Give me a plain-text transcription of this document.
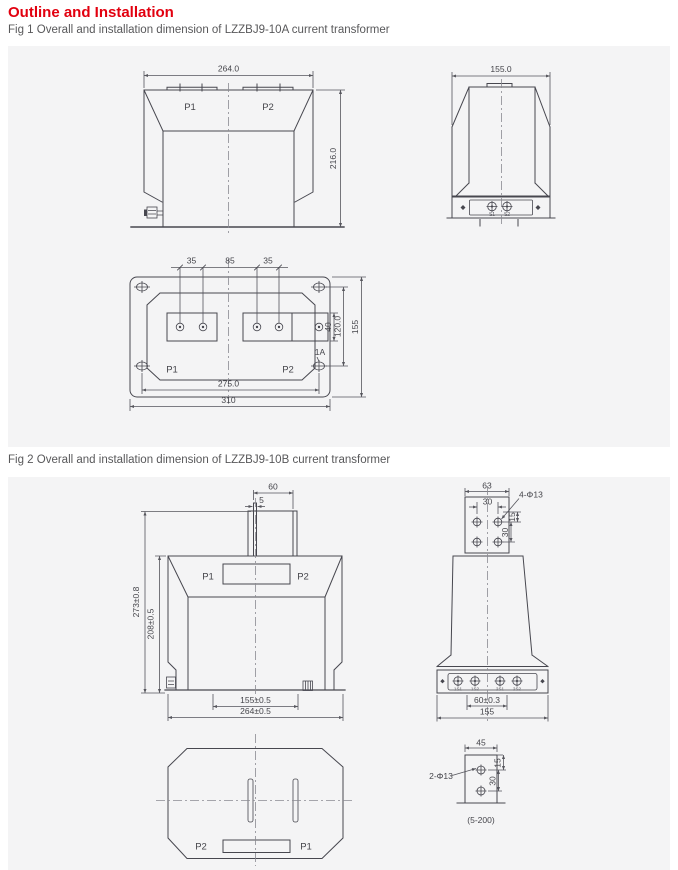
Outline and Installation
Fig 1 Overall and installation dimension of LZZBJ9-10A current transformer
264.0
216.0
P1	P2
155.0
S1 S2
35	85	35
40 120.0 155
275.0
310
P1	P2
1A
Fig 2 Overall and installation dimension of LZZBJ9-10B current transformer
60
5
273±0.8
208±0.5
155±0.5
264±0.5
P1	P2
63
30
4-Φ13
15
30
1S1 1S2	2S1 2S2
60±0.3
155
P2	P1
45
2-Φ13
15
30
(5-200)
